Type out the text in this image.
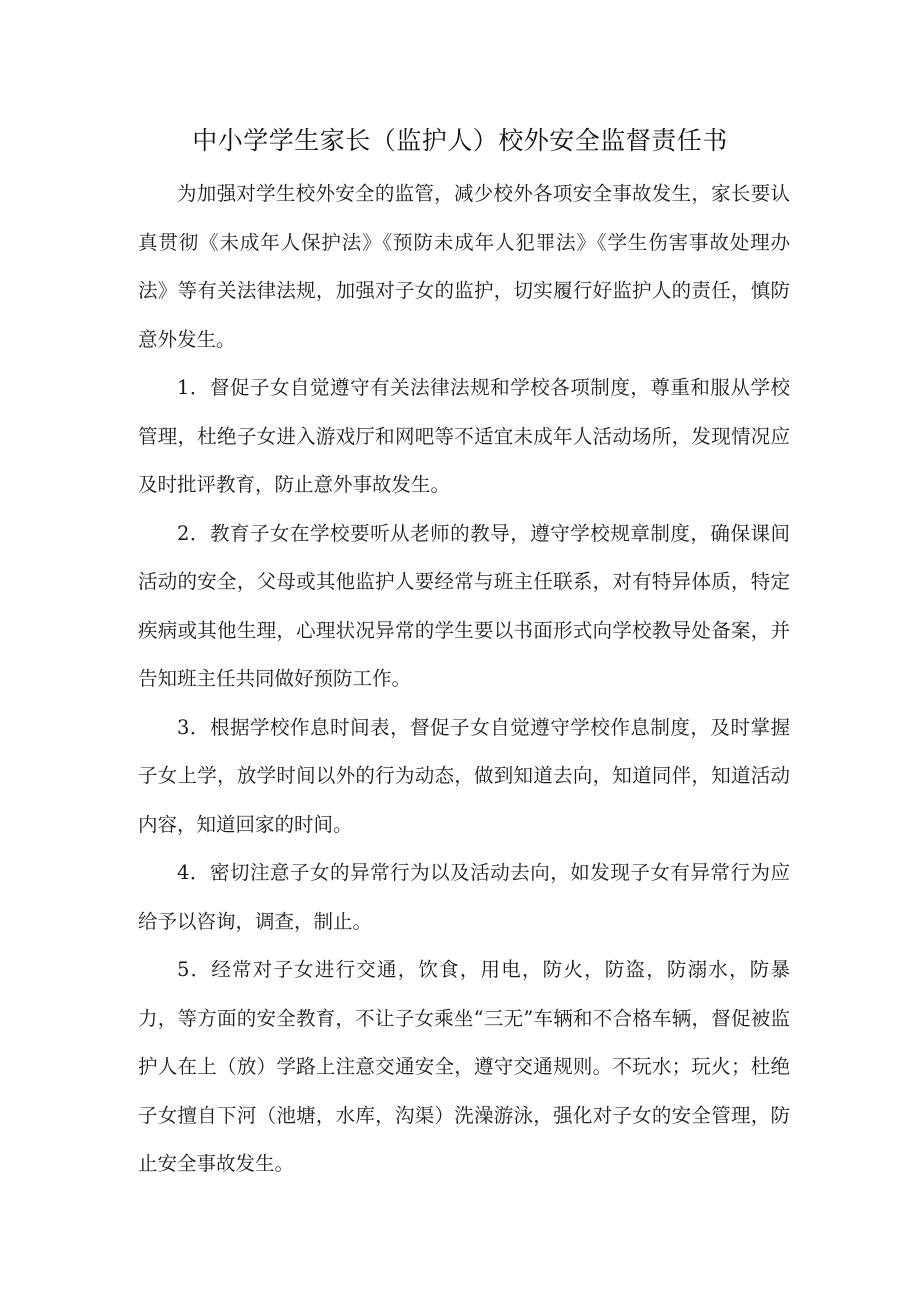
中小学学生家长（监护人）校外安全监督责任书

为加强对学生校外安全的监管，减少校外各项安全事故发生，家长要认真贯彻《未成年人保护法》《预防未成年人犯罪法》《学生伤害事故处理办法》等有关法律法规，加强对子女的监护，切实履行好监护人的责任，慎防意外发生。

1．督促子女自觉遵守有关法律法规和学校各项制度，尊重和服从学校管理，杜绝子女进入游戏厅和网吧等不适宜未成年人活动场所，发现情况应及时批评教育，防止意外事故发生。

2．教育子女在学校要听从老师的教导，遵守学校规章制度，确保课间活动的安全，父母或其他监护人要经常与班主任联系，对有特异体质，特定疾病或其他生理，心理状况异常的学生要以书面形式向学校教导处备案，并告知班主任共同做好预防工作。

3．根据学校作息时间表，督促子女自觉遵守学校作息制度，及时掌握子女上学，放学时间以外的行为动态，做到知道去向，知道同伴，知道活动内容，知道回家的时间。

4．密切注意子女的异常行为以及活动去向，如发现子女有异常行为应给予以咨询，调查，制止。

5．经常对子女进行交通，饮食，用电，防火，防盗，防溺水，防暴力，等方面的安全教育，不让子女乘坐“三无”车辆和不合格车辆，督促被监护人在上（放）学路上注意交通安全，遵守交通规则。不玩水；玩火；杜绝子女擅自下河（池塘，水库，沟渠）洗澡游泳，强化对子女的安全管理，防止安全事故发生。
